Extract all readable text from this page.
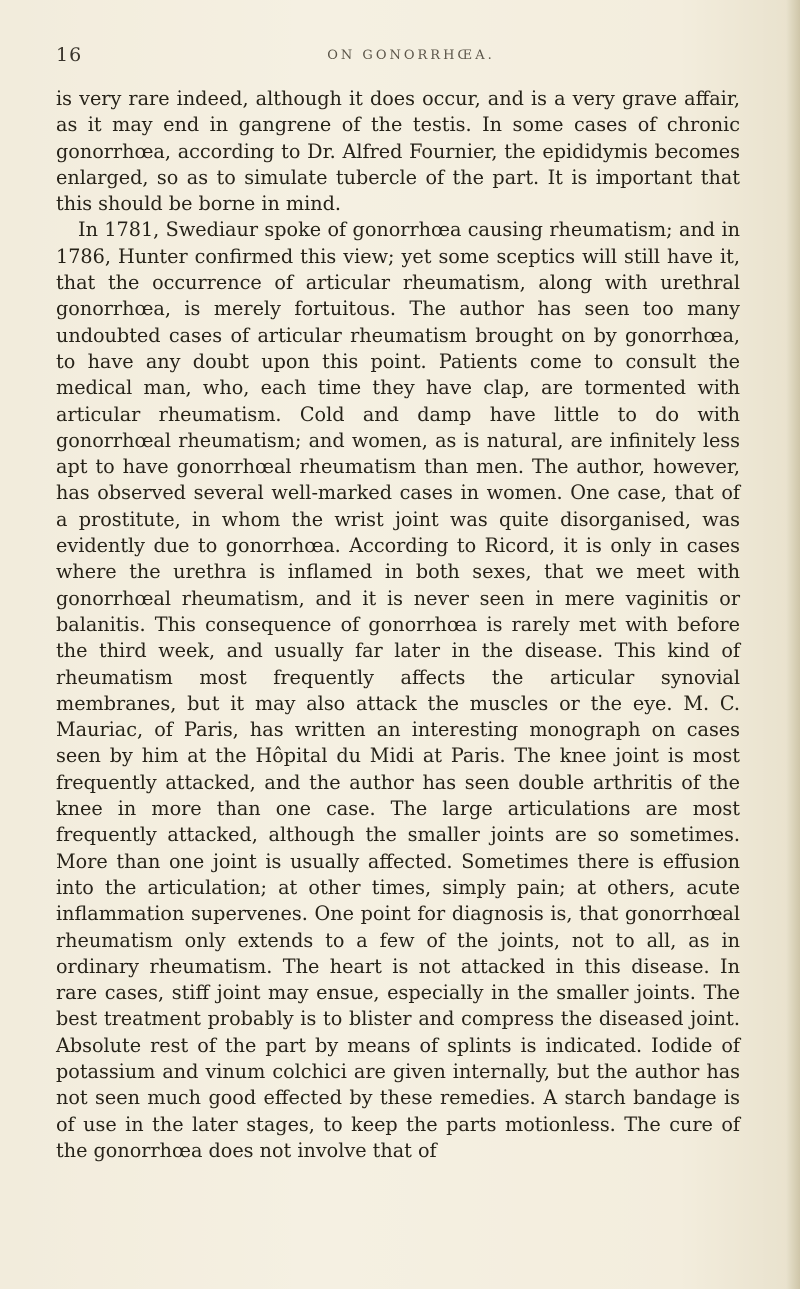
16	ON GONORRHŒA.

is very rare indeed, although it does occur, and is a very grave affair, as it may end in gangrene of the testis. In some cases of chronic gonorrhœa, according to Dr. Alfred Fournier, the epididymis becomes enlarged, so as to simulate tubercle of the part. It is important that this should be borne in mind.

In 1781, Swediaur spoke of gonorrhœa causing rheumatism; and in 1786, Hunter confirmed this view; yet some sceptics will still have it, that the occurrence of articular rheumatism, along with urethral gonorrhœa, is merely fortuitous. The author has seen too many undoubted cases of articular rheumatism brought on by gonorrhœa, to have any doubt upon this point. Patients come to consult the medical man, who, each time they have clap, are tormented with articular rheumatism. Cold and damp have little to do with gonorrhœal rheumatism; and women, as is natural, are infinitely less apt to have gonorrhœal rheumatism than men. The author, however, has observed several well-marked cases in women. One case, that of a prostitute, in whom the wrist joint was quite disorganised, was evidently due to gonorrhœa. According to Ricord, it is only in cases where the urethra is inflamed in both sexes, that we meet with gonorrhœal rheumatism, and it is never seen in mere vaginitis or balanitis. This consequence of gonorrhœa is rarely met with before the third week, and usually far later in the disease. This kind of rheumatism most frequently affects the articular synovial membranes, but it may also attack the muscles or the eye. M. C. Mauriac, of Paris, has written an interesting monograph on cases seen by him at the Hôpital du Midi at Paris. The knee joint is most frequently attacked, and the author has seen double arthritis of the knee in more than one case. The large articulations are most frequently attacked, although the smaller joints are so sometimes. More than one joint is usually affected. Sometimes there is effusion into the articulation; at other times, simply pain; at others, acute inflammation supervenes. One point for diagnosis is, that gonorrhœal rheumatism only extends to a few of the joints, not to all, as in ordinary rheumatism. The heart is not attacked in this disease. In rare cases, stiff joint may ensue, especially in the smaller joints. The best treatment probably is to blister and compress the diseased joint. Absolute rest of the part by means of splints is indicated. Iodide of potassium and vinum colchici are given internally, but the author has not seen much good effected by these remedies. A starch bandage is of use in the later stages, to keep the parts motionless. The cure of the gonorrhœa does not involve that of
